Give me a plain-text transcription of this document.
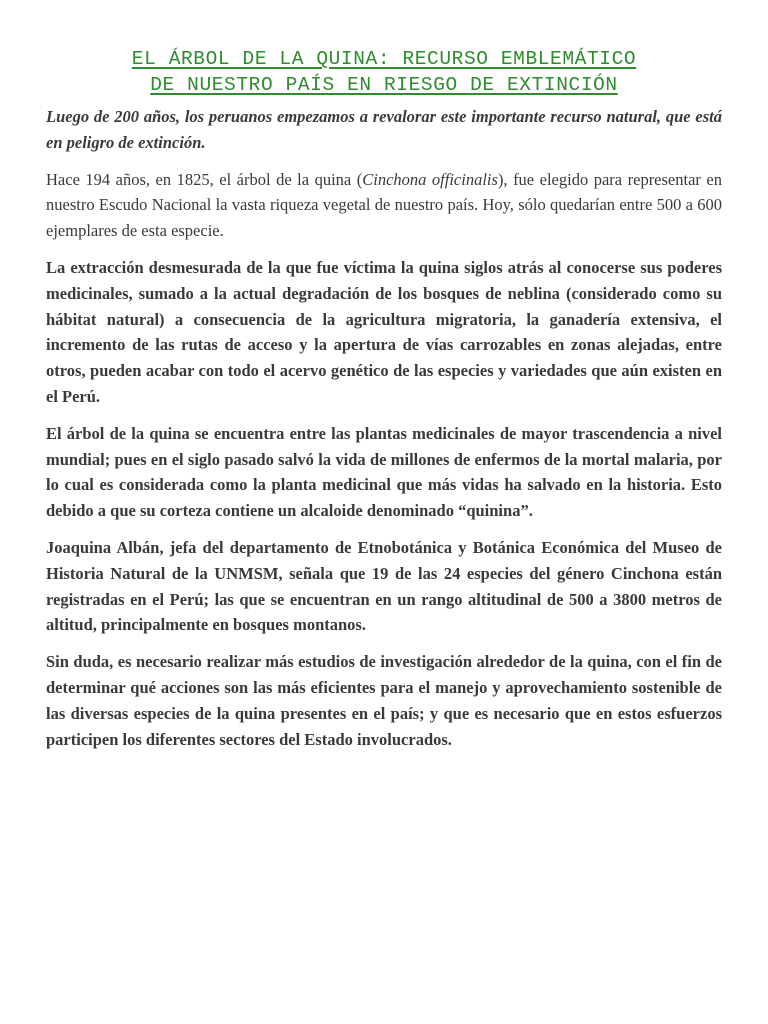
EL ÁRBOL DE LA QUINA: RECURSO EMBLEMÁTICO
DE NUESTRO PAÍS EN RIESGO DE EXTINCIÓN

Luego de 200 años, los peruanos empezamos a revalorar este importante recurso natural, que está en peligro de extinción.

Hace 194 años, en 1825, el árbol de la quina (Cinchona officinalis), fue elegido para representar en nuestro Escudo Nacional la vasta riqueza vegetal de nuestro país. Hoy, sólo quedarían entre 500 a 600 ejemplares de esta especie.

La extracción desmesurada de la que fue víctima la quina siglos atrás al conocerse sus poderes medicinales, sumado a la actual degradación de los bosques de neblina (considerado como su hábitat natural) a consecuencia de la agricultura migratoria, la ganadería extensiva, el incremento de las rutas de acceso y la apertura de vías carrozables en zonas alejadas, entre otros, pueden acabar con todo el acervo genético de las especies y variedades que aún existen en el Perú.

El árbol de la quina se encuentra entre las plantas medicinales de mayor trascendencia a nivel mundial; pues en el siglo pasado salvó la vida de millones de enfermos de la mortal malaria, por lo cual es considerada como la planta medicinal que más vidas ha salvado en la historia. Esto debido a que su corteza contiene un alcaloide denominado “quinina”.

Joaquina Albán, jefa del departamento de Etnobotánica y Botánica Económica del Museo de Historia Natural de la UNMSM, señala que 19 de las 24 especies del género Cinchona están registradas en el Perú; las que se encuentran en un rango altitudinal de 500 a 3800 metros de altitud, principalmente en bosques montanos.

Sin duda, es necesario realizar más estudios de investigación alrededor de la quina, con el fin de determinar qué acciones son las más eficientes para el manejo y aprovechamiento sostenible de las diversas especies de la quina presentes en el país; y que es necesario que en estos esfuerzos participen los diferentes sectores del Estado involucrados.
